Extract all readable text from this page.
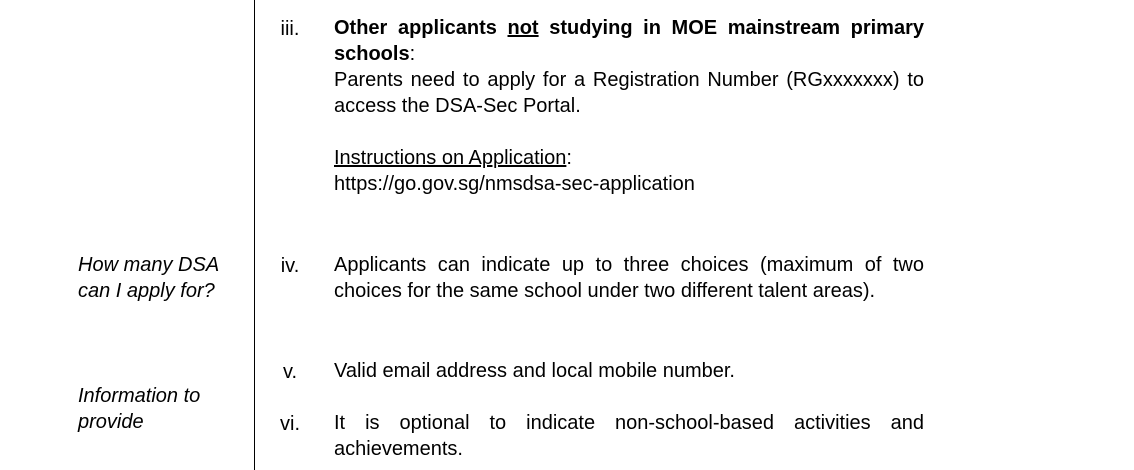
iii. Other applicants not studying in MOE mainstream primary schools:

Parents need to apply for a Registration Number (RGxxxxxxx) to access the DSA-Sec Portal.

Instructions on Application:

https://go.gov.sg/nmsdsa-sec-application

How many DSA can I apply for?
iv. Applicants can indicate up to three choices (maximum of two choices for the same school under two different talent areas).
v. Valid email address and local mobile number.
Information to provide	vi. It is optional to indicate non-school-based activities and achievements.
